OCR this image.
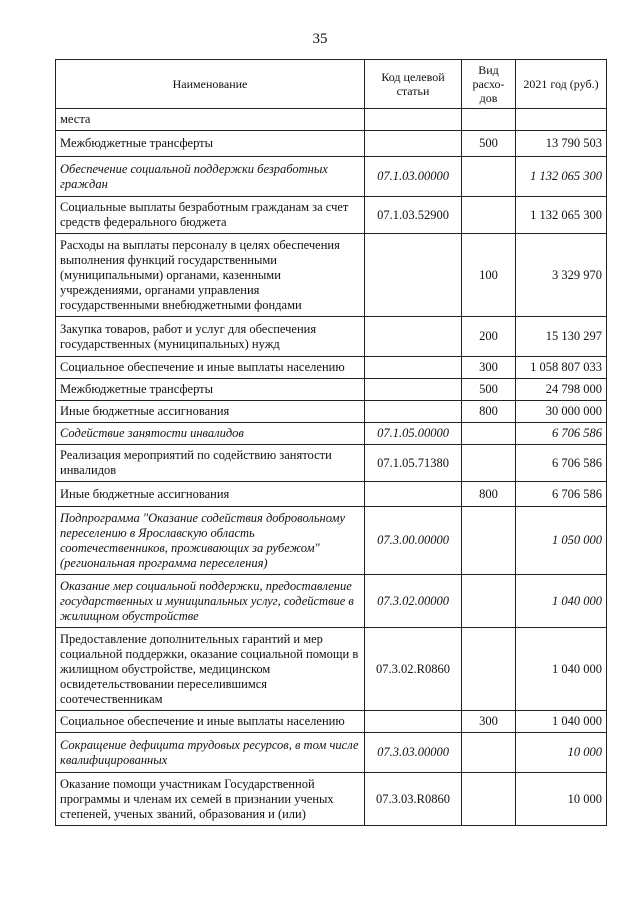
35
Наименование	Код целевой статьи	Вид расхо-дов	2021 год (руб.)
места			
Межбюджетные трансферты		500	13 790 503
Обеспечение социальной поддержки безработных граждан	07.1.03.00000		1 132 065 300
Социальные выплаты безработным гражданам за счет средств федерального бюджета	07.1.03.52900		1 132 065 300
Расходы на выплаты персоналу в целях обеспечения выполнения функций государственными (муниципальными) органами, казенными учреждениями, органами управления государственными внебюджетными фондами		100	3 329 970
Закупка товаров, работ и услуг для обеспечения государственных (муниципальных) нужд		200	15 130 297
Социальное обеспечение и иные выплаты населению		300	1 058 807 033
Межбюджетные трансферты		500	24 798 000
Иные бюджетные ассигнования		800	30 000 000
Содействие занятости инвалидов	07.1.05.00000		6 706 586
Реализация мероприятий по содействию занятости инвалидов	07.1.05.71380		6 706 586
Иные бюджетные ассигнования		800	6 706 586
Подпрограмма "Оказание содействия добровольному переселению в Ярославскую область соотечественников, проживающих за рубежом" (региональная программа переселения)	07.3.00.00000		1 050 000
Оказание мер социальной поддержки, предоставление государственных и муниципальных услуг, содействие в жилищном обустройстве	07.3.02.00000		1 040 000
Предоставление дополнительных гарантий и мер социальной поддержки, оказание социальной помощи в жилищном обустройстве, медицинском освидетельствовании переселившимся соотечественникам	07.3.02.R0860		1 040 000
Социальное обеспечение и иные выплаты населению		300	1 040 000
Сокращение дефицита трудовых ресурсов, в том числе квалифицированных	07.3.03.00000		10 000
Оказание помощи участникам Государственной программы и членам их семей в признании ученых степеней, ученых званий, образования и (или)	07.3.03.R0860		10 000
